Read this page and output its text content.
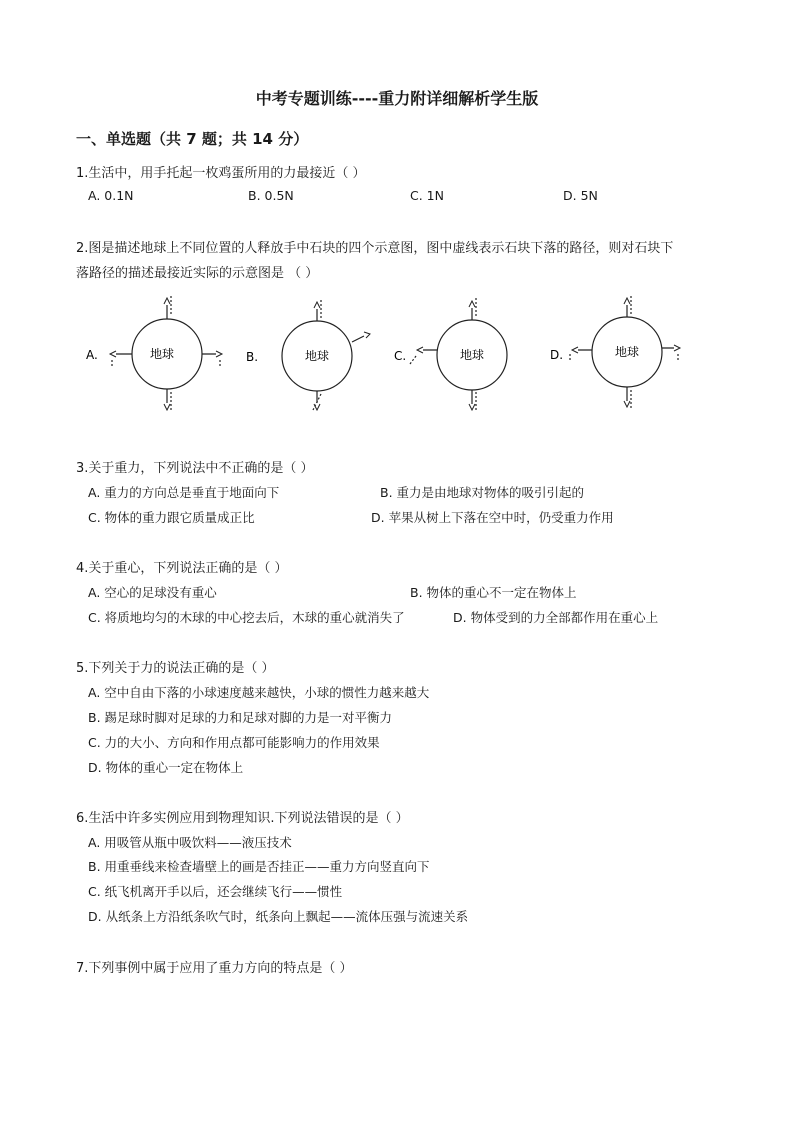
中考专题训练----重力附详细解析学生版
一、单选题（共 7 题；共 14 分）
1.生活中，用手托起一枚鸡蛋所用的力最接近（ ）
A. 0.1N	B. 0.5N	C. 1N	D. 5N
2.图是描述地球上不同位置的人释放手中石块的四个示意图，图中虚线表示石块下落的路径，则对石块下
落路径的描述最接近实际的示意图是 （ ）
A.	B.	C.	D.
地球	地球	地球	地球
3.关于重力，下列说法中不正确的是（ ）
A. 重力的方向总是垂直于地面向下	B. 重力是由地球对物体的吸引引起的
C. 物体的重力跟它质量成正比	D. 苹果从树上下落在空中时，仍受重力作用
4.关于重心，下列说法正确的是（ ）
A. 空心的足球没有重心	B. 物体的重心不一定在物体上
C. 将质地均匀的木球的中心挖去后，木球的重心就消失了	D. 物体受到的力全部都作用在重心上
5.下列关于力的说法正确的是（ ）
A. 空中自由下落的小球速度越来越快，小球的惯性力越来越大
B. 踢足球时脚对足球的力和足球对脚的力是一对平衡力
C. 力的大小、方向和作用点都可能影响力的作用效果
D. 物体的重心一定在物体上
6.生活中许多实例应用到物理知识.下列说法错误的是（ ）
A. 用吸管从瓶中吸饮料——液压技术
B. 用重垂线来检查墙壁上的画是否挂正——重力方向竖直向下
C. 纸飞机离开手以后，还会继续飞行——惯性
D. 从纸条上方沿纸条吹气时，纸条向上飘起——流体压强与流速关系
7.下列事例中属于应用了重力方向的特点是（ ）
